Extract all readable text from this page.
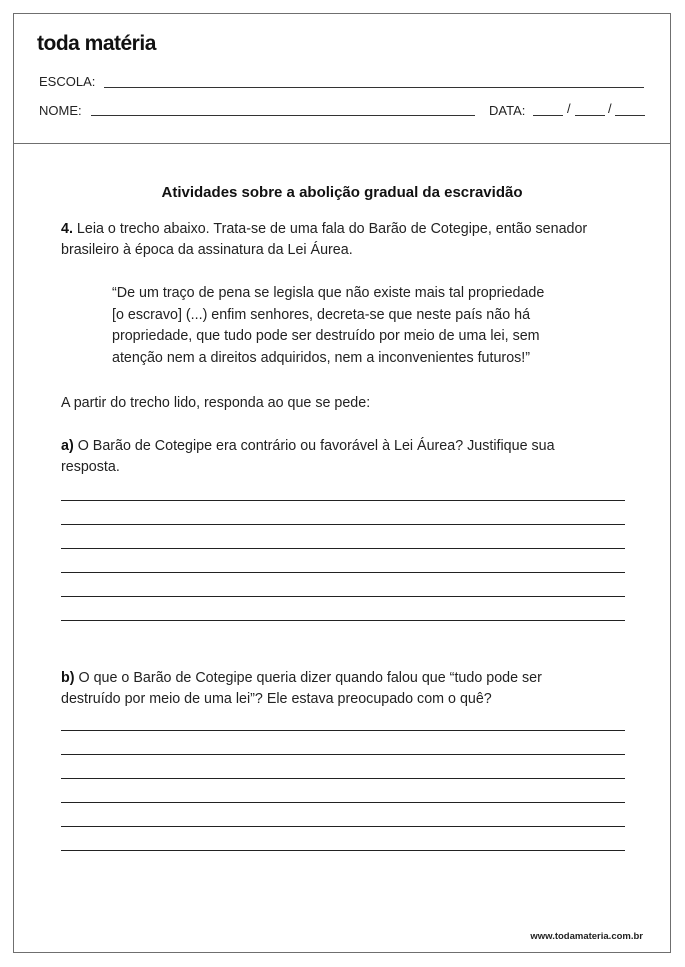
toda matéria
ESCOLA:
NOME:	DATA:	/	/
Atividades sobre a abolição gradual da escravidão
4. Leia o trecho abaixo. Trata-se de uma fala do Barão de Cotegipe, então senador
brasileiro à época da assinatura da Lei Áurea.
“De um traço de pena se legisla que não existe mais tal propriedade
[o escravo] (...) enfim senhores, decreta-se que neste país não há
propriedade, que tudo pode ser destruído por meio de uma lei, sem
atenção nem a direitos adquiridos, nem a inconvenientes futuros!”
A partir do trecho lido, responda ao que se pede:
a) O Barão de Cotegipe era contrário ou favorável à Lei Áurea? Justifique sua
resposta.
b) O que o Barão de Cotegipe queria dizer quando falou que “tudo pode ser
destruído por meio de uma lei”? Ele estava preocupado com o quê?
www.todamateria.com.br
